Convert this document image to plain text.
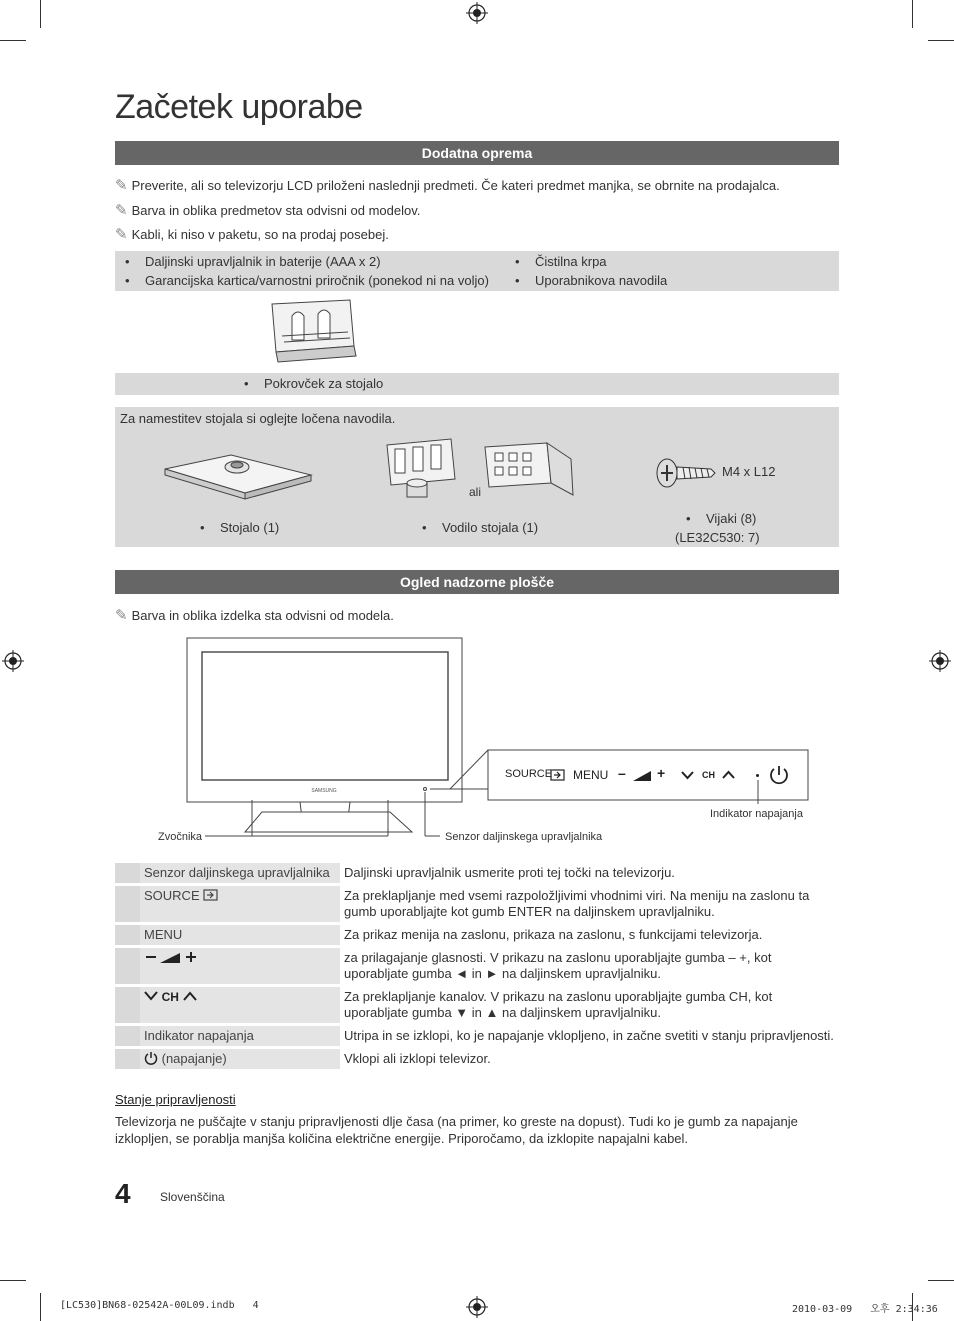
Začetek uporabe
Dodatna oprema
✎ Preverite, ali so televizorju LCD priloženi naslednji predmeti. Če kateri predmet manjka, se obrnite na prodajalca.
✎ Barva in oblika predmetov sta odvisni od modelov.
✎ Kabli, ki niso v paketu, so na prodaj posebej.
• Daljinski upravljalnik in baterije (AAA x 2)
• Garancijska kartica/varnostni priročnik (ponekod ni na voljo)
• Čistilna krpa
• Uporabnikova navodila
• Pokrovček za stojalo
Za namestitev stojala si oglejte ločena navodila.
ali
M4 x L12
• Stojalo (1)	• Vodilo stojala (1)
• Vijaki (8)
(LE32C530: 7)
Ogled nadzorne plošče
✎ Barva in oblika izdelka sta odvisni od modela.
SAMSUNG
SOURCE MENU – +	CH
Zvočnika	Senzor daljinskega upravljalnika
Indikator napajanja
	Senzor daljinskega upravljalnika	Daljinski upravljalnik usmerite proti tej točki na televizorju.
	SOURCE	Za preklapljanje med vsemi razpoložljivimi vhodnimi viri. Na meniju na zaslonu ta gumb uporabljajte kot gumb ENTER na daljinskem upravljalniku.
	MENU	Za prikaz menija na zaslonu, prikaza na zaslonu, s funkcijami televizorja.
		za prilagajanje glasnosti. V prikazu na zaslonu uporabljajte gumba – +, kot uporabljate gumba ◄ in ► na daljinskem upravljalniku.
	CH	Za preklapljanje kanalov. V prikazu na zaslonu uporabljajte gumba CH, kot uporabljate gumba ▼ in ▲ na daljinskem upravljalniku.
	Indikator napajanja	Utripa in se izklopi, ko je napajanje vklopljeno, in začne svetiti v stanju pripravljenosti.
	(napajanje)	Vklopi ali izklopi televizor.
Stanje pripravljenosti
Televizorja ne puščajte v stanju pripravljenosti dlje časa (na primer, ko greste na dopust). Tudi ko je gumb za napajanje izklopljen, se porablja manjša količina električne energije. Priporočamo, da izklopite napajalni kabel.
4 Slovenščina
[LC530]BN68-02542A-00L09.indb   4	2010-03-09   오후 2:34:36
